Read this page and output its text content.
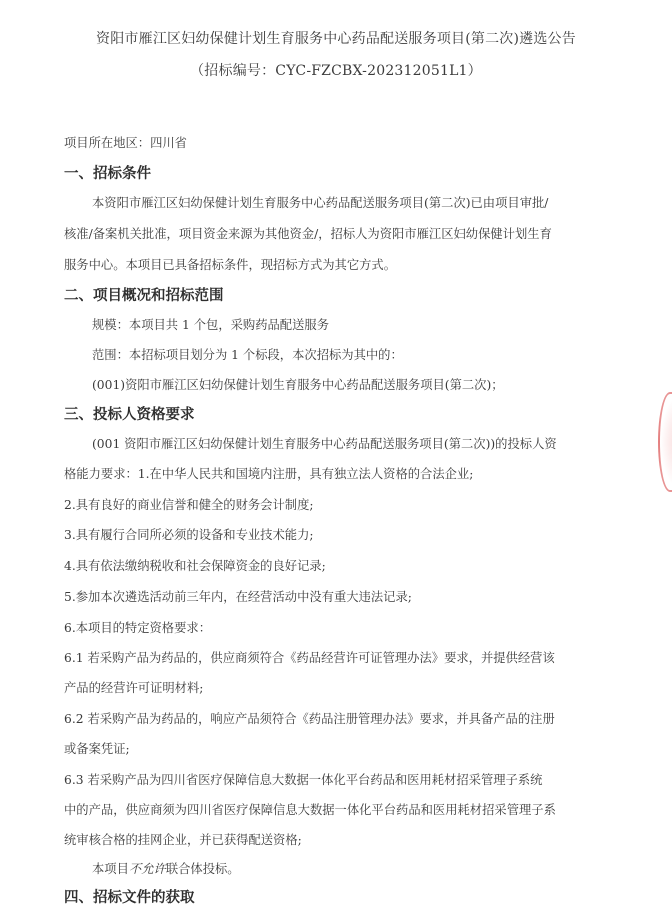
资阳市雁江区妇幼保健计划生育服务中心药品配送服务项目(第二次)遴选公告
（招标编号：CYC-FZCBX-202312051L1）
项目所在地区：四川省
一、招标条件
本资阳市雁江区妇幼保健计划生育服务中心药品配送服务项目(第二次)已由项目审批/
核准/备案机关批准，项目资金来源为其他资金/，招标人为资阳市雁江区妇幼保健计划生育
服务中心。本项目已具备招标条件，现招标方式为其它方式。
二、项目概况和招标范围
规模：本项目共 1 个包，采购药品配送服务
范围：本招标项目划分为 1 个标段，本次招标为其中的：
(001)资阳市雁江区妇幼保健计划生育服务中心药品配送服务项目(第二次)；
三、投标人资格要求
(001 资阳市雁江区妇幼保健计划生育服务中心药品配送服务项目(第二次))的投标人资
格能力要求：1.在中华人民共和国境内注册，具有独立法人资格的合法企业;
2.具有良好的商业信誉和健全的财务会计制度;
3.具有履行合同所必须的设备和专业技术能力;
4.具有依法缴纳税收和社会保障资金的良好记录;
5.参加本次遴选活动前三年内，在经营活动中没有重大违法记录;
6.本项目的特定资格要求：
6.1 若采购产品为药品的，供应商须符合《药品经营许可证管理办法》要求，并提供经营该
产品的经营许可证明材料;
6.2 若采购产品为药品的，响应产品须符合《药品注册管理办法》要求，并具备产品的注册
或备案凭证;
6.3 若采购产品为四川省医疗保障信息大数据一体化平台药品和医用耗材招采管理子系统
中的产品，供应商须为四川省医疗保障信息大数据一体化平台药品和医用耗材招采管理子系
统审核合格的挂网企业，并已获得配送资格;
本项目不允许联合体投标。
四、招标文件的获取
